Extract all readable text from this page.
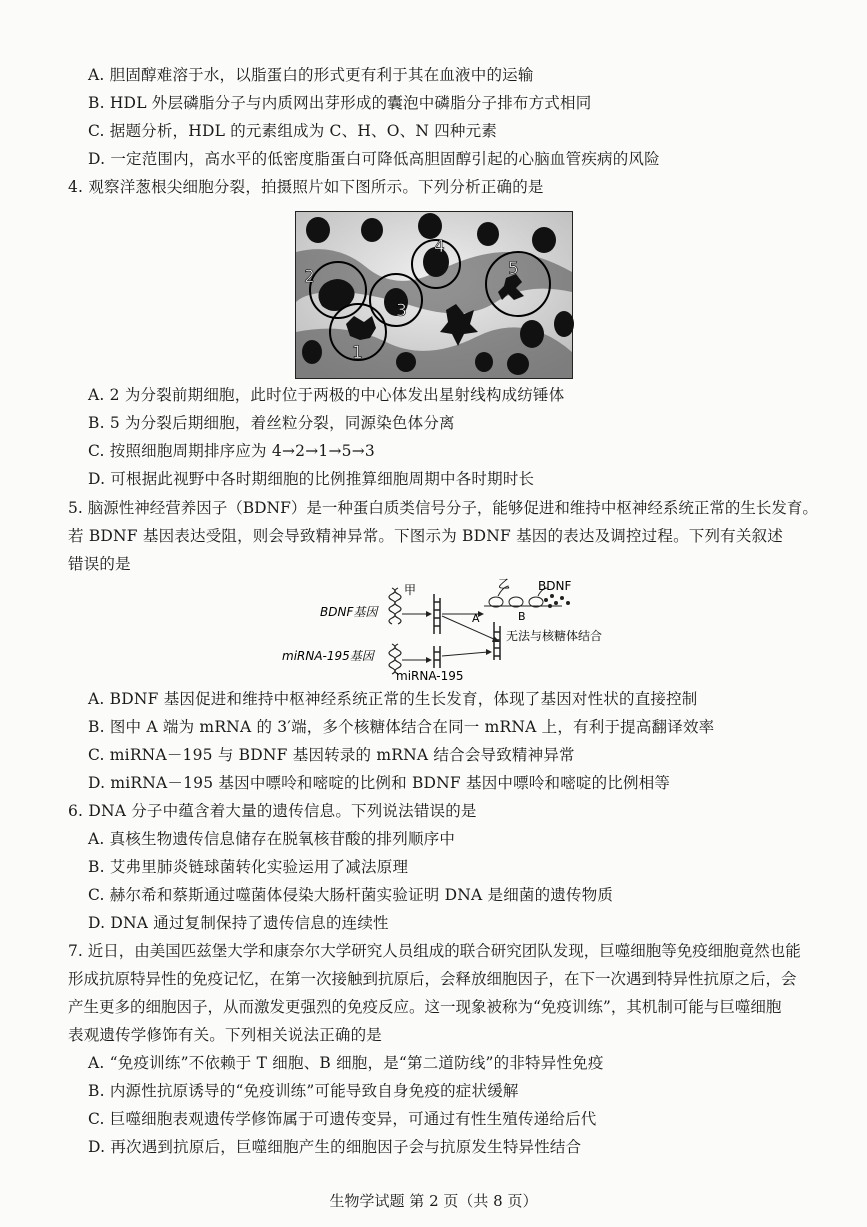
A. 胆固醇难溶于水，以脂蛋白的形式更有利于其在血液中的运输
B. HDL 外层磷脂分子与内质网出芽形成的囊泡中磷脂分子排布方式相同
C. 据题分析，HDL 的元素组成为 C、H、O、N 四种元素
D. 一定范围内，高水平的低密度脂蛋白可降低高胆固醇引起的心脑血管疾病的风险
4. 观察洋葱根尖细胞分裂，拍摄照片如下图所示。下列分析正确的是
1
2
3
4
5
A. 2 为分裂前期细胞，此时位于两极的中心体发出星射线构成纺锤体
B. 5 为分裂后期细胞，着丝粒分裂，同源染色体分离
C. 按照细胞周期排序应为 4→2→1→5→3
D. 可根据此视野中各时期细胞的比例推算细胞周期中各时期时长
5. 脑源性神经营养因子（BDNF）是一种蛋白质类信号分子，能够促进和维持中枢神经系统正常的生长发育。
若 BDNF 基因表达受阻，则会导致精神异常。下图示为 BDNF 基因的表达及调控过程。下列有关叙述
错误的是
BDNF基因
miRNA-195基因
甲	乙
A	B
BDNF
无法与核糖体结合
miRNA-195
A. BDNF 基因促进和维持中枢神经系统正常的生长发育，体现了基因对性状的直接控制
B. 图中 A 端为 mRNA 的 3′端，多个核糖体结合在同一 mRNA 上，有利于提高翻译效率
C. miRNA－195 与 BDNF 基因转录的 mRNA 结合会导致精神异常
D. miRNA－195 基因中嘌呤和嘧啶的比例和 BDNF 基因中嘌呤和嘧啶的比例相等
6. DNA 分子中蕴含着大量的遗传信息。下列说法错误的是
A. 真核生物遗传信息储存在脱氧核苷酸的排列顺序中
B. 艾弗里肺炎链球菌转化实验运用了减法原理
C. 赫尔希和蔡斯通过噬菌体侵染大肠杆菌实验证明 DNA 是细菌的遗传物质
D. DNA 通过复制保持了遗传信息的连续性
7. 近日，由美国匹兹堡大学和康奈尔大学研究人员组成的联合研究团队发现，巨噬细胞等免疫细胞竟然也能
形成抗原特异性的免疫记忆，在第一次接触到抗原后，会释放细胞因子，在下一次遇到特异性抗原之后，会
产生更多的细胞因子，从而激发更强烈的免疫反应。这一现象被称为“免疫训练”，其机制可能与巨噬细胞
表观遗传学修饰有关。下列相关说法正确的是
A. “免疫训练”不依赖于 T 细胞、B 细胞，是“第二道防线”的非特异性免疫
B. 内源性抗原诱导的“免疫训练”可能导致自身免疫的症状缓解
C. 巨噬细胞表观遗传学修饰属于可遗传变异，可通过有性生殖传递给后代
D. 再次遇到抗原后，巨噬细胞产生的细胞因子会与抗原发生特异性结合
生物学试题 第 2 页（共 8 页）
